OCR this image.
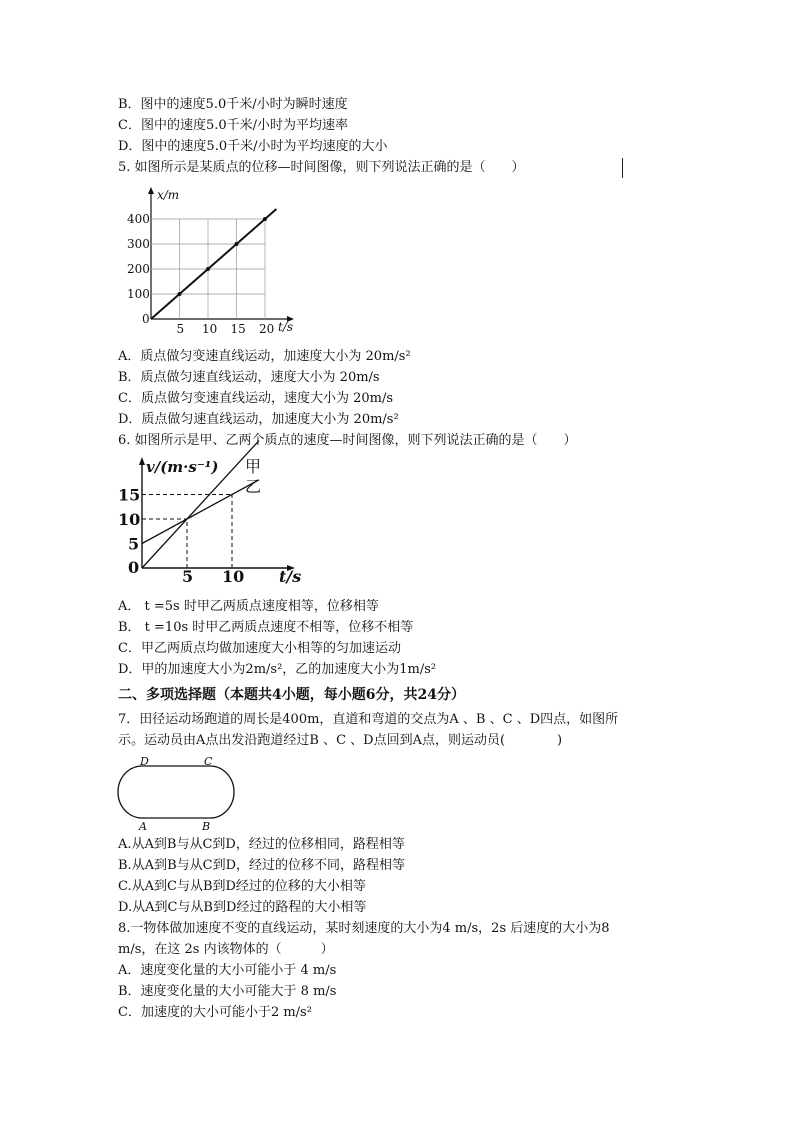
B．图中的速度5.0千米/小时为瞬时速度
C．图中的速度5.0千米/小时为平均速率
D．图中的速度5.0千米/小时为平均速度的大小
5. 如图所示是某质点的位移—时间图像，则下列说法正确的是（　　）
5
100
10
200
15
300
20
400
0
x/m
t/s
A．质点做匀变速直线运动，加速度大小为 20m/s²
B．质点做匀速直线运动，速度大小为 20m/s
C．质点做匀变速直线运动，速度大小为 20m/s
D．质点做匀速直线运动，加速度大小为 20m/s²
6. 如图所示是甲、乙两个质点的速度—时间图像，则下列说法正确的是（　　）
5 10
5
10
15
0
v/(m·s⁻¹)
t/s
甲
乙
A． t =5s 时甲乙两质点速度相等，位移相等
B． t =10s 时甲乙两质点速度不相等，位移不相等
C．甲乙两质点均做加速度大小相等的匀加速运动
D．甲的加速度大小为2m/s²，乙的加速度大小为1m/s²
二、多项选择题（本题共4小题，每小题6分，共24分）
7．田径运动场跑道的周长是400m，直道和弯道的交点为A 、B 、C 、D四点，如图所
示。运动员由A点出发沿跑道经过B 、C 、D点回到A点，则运动员(　　　　)
D	C
A	B
A.从A到B与从C到D，经过的位移相同，路程相等
B.从A到B与从C到D，经过的位移不同，路程相等
C.从A到C与从B到D经过的位移的大小相等
D.从A到C与从B到D经过的路程的大小相等
8.一物体做加速度不变的直线运动，某时刻速度的大小为4 m/s，2s 后速度的大小为8
m/s，在这 2s 内该物体的（　　　）
A．速度变化量的大小可能小于 4 m/s
B．速度变化量的大小可能大于 8 m/s
C．加速度的大小可能小于2 m/s²
